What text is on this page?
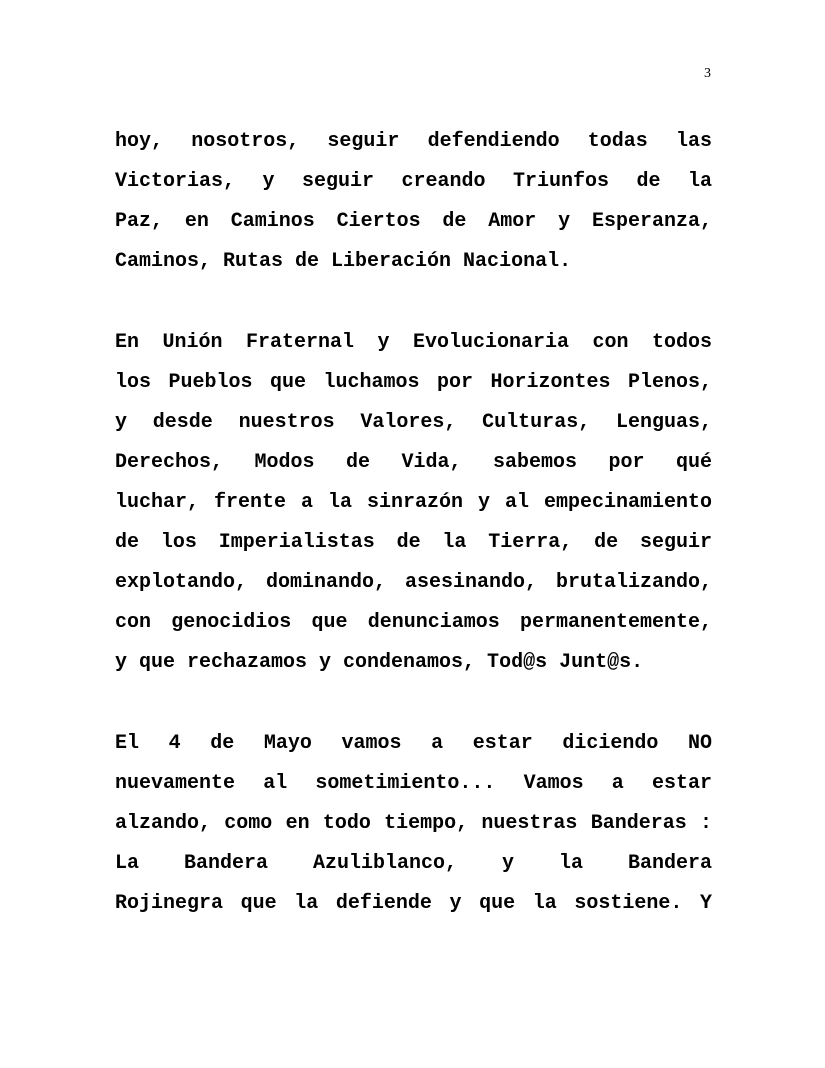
3
hoy, nosotros, seguir defendiendo todas las
Victorias, y seguir creando Triunfos de la
Paz, en Caminos Ciertos de Amor y Esperanza,
Caminos, Rutas de Liberación Nacional.
En Unión Fraternal y Evolucionaria con todos
los Pueblos que luchamos por Horizontes Plenos,
y desde nuestros Valores, Culturas, Lenguas,
Derechos, Modos de Vida, sabemos por qué
luchar, frente a la sinrazón y al empecinamiento
de los Imperialistas de la Tierra, de seguir
explotando, dominando, asesinando, brutalizando,
con genocidios que denunciamos permanentemente,
y que rechazamos y condenamos, Tod@s Junt@s.
El 4 de Mayo vamos a estar diciendo NO
nuevamente al sometimiento... Vamos a estar
alzando, como en todo tiempo, nuestras Banderas :
La Bandera Azuliblanco, y la Bandera
Rojinegra que la defiende y que la sostiene. Y
